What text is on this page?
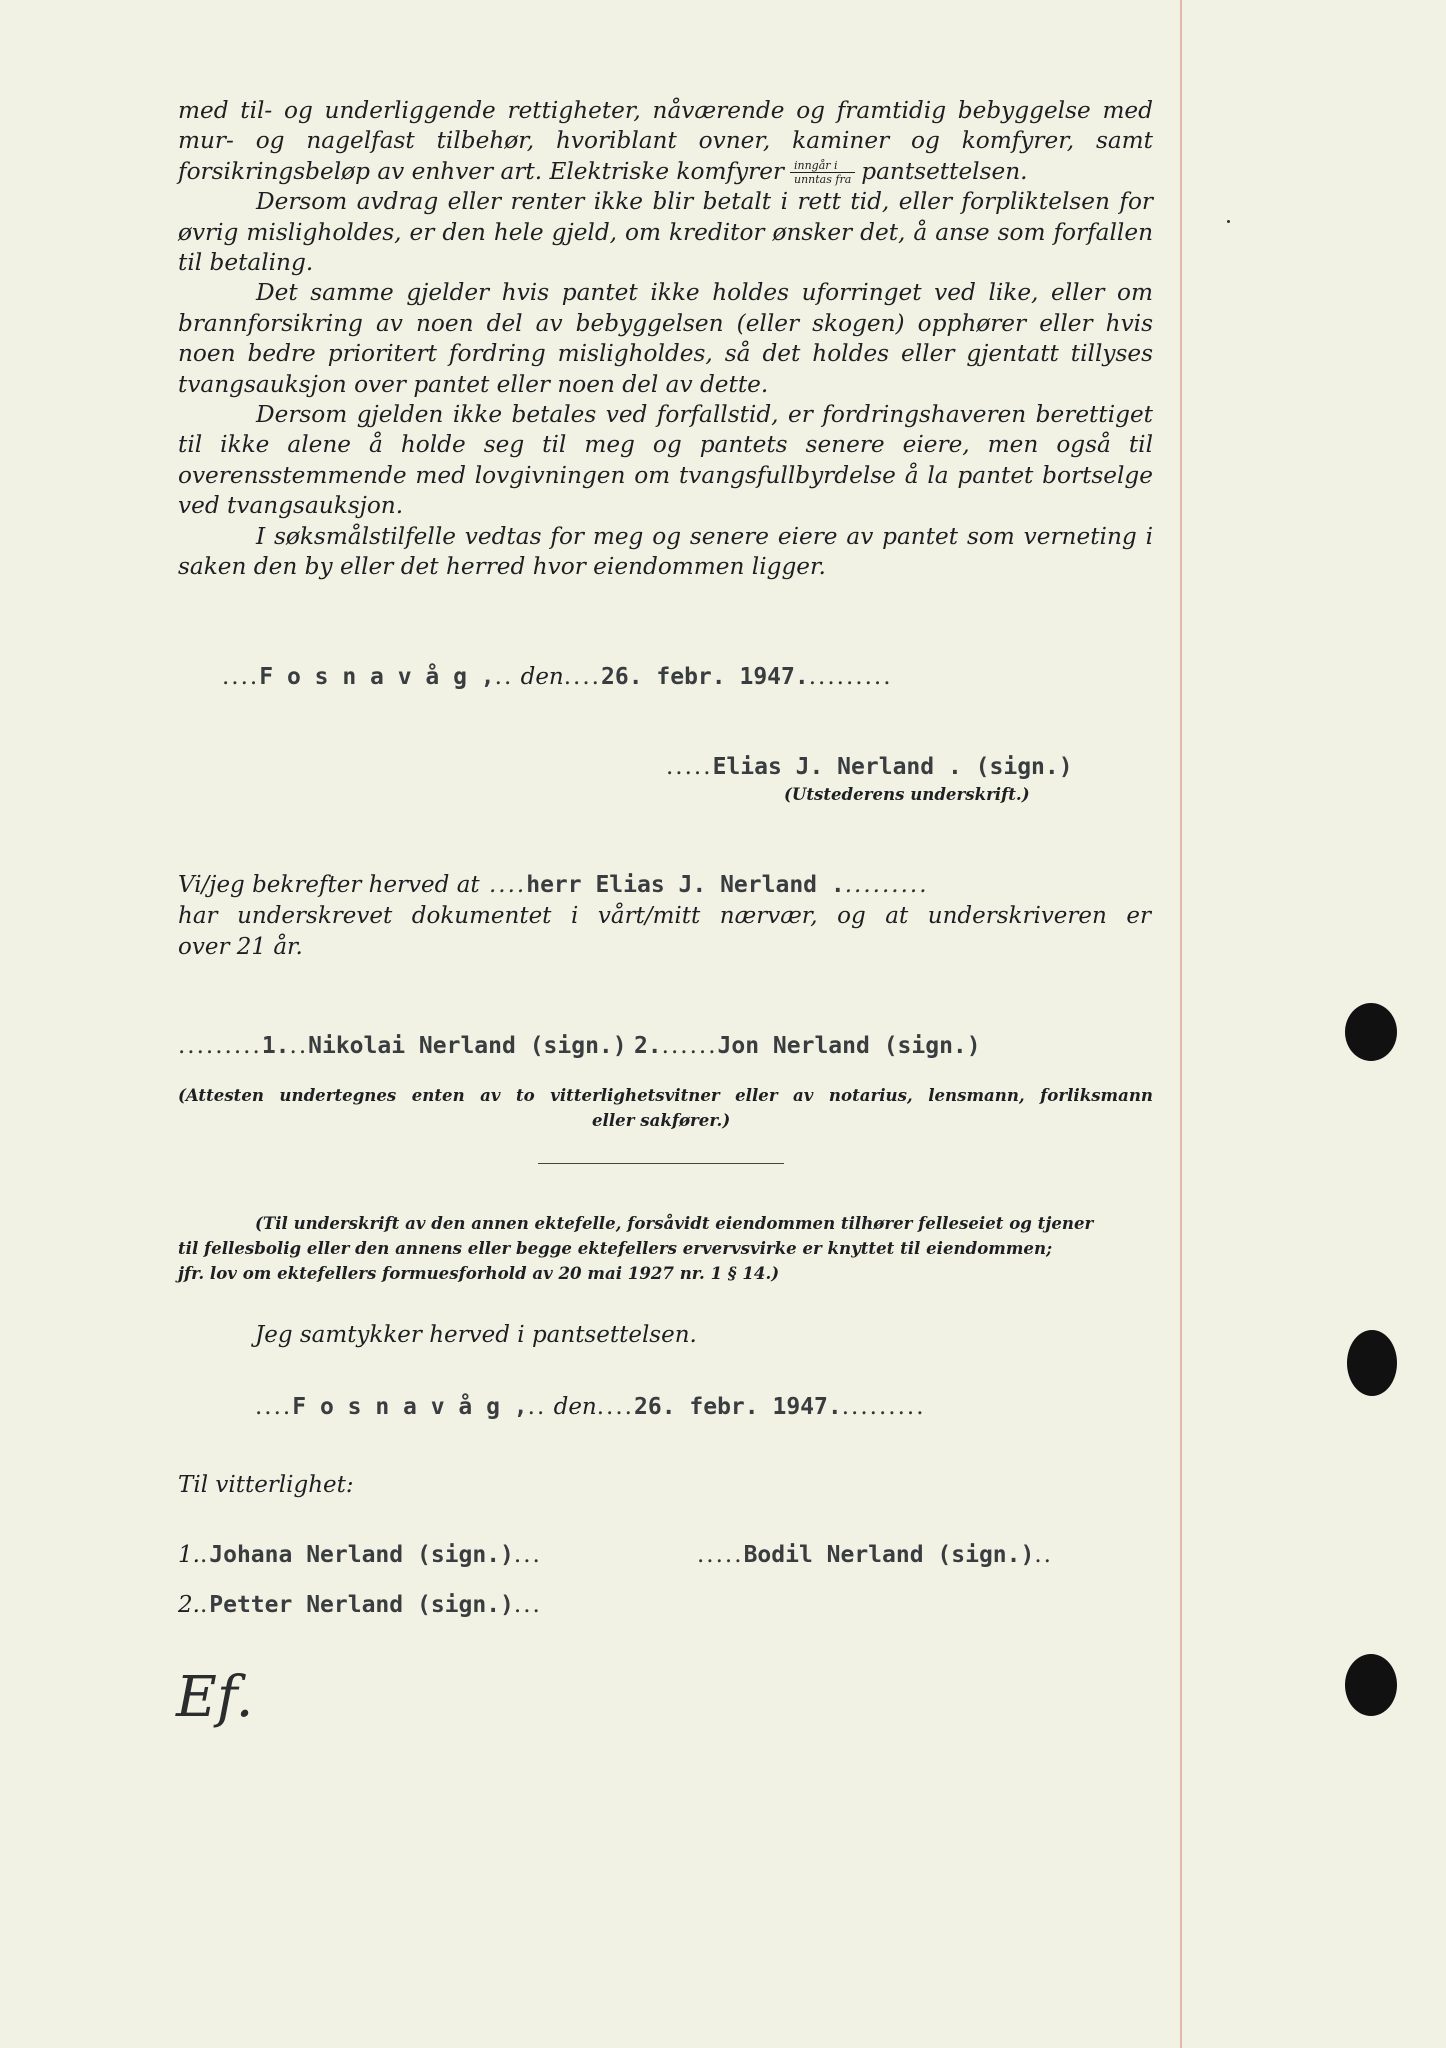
med til- og underliggende rettigheter, nåværende og framtidig bebyggelse med mur- og nagelfast tilbehør, hvoriblant ovner, kaminer og komfyrer, samt forsikringsbeløp av enhver art. Elektriske komfyrer $\frac{\text{inngår i}}{\text{unntas fra}}$ pantsettelsen.

Dersom avdrag eller renter ikke blir betalt i rett tid, eller forpliktelsen for øvrig misligholdes, er den hele gjeld, om kreditor ønsker det, å anse som forfallen til betaling.

Det samme gjelder hvis pantet ikke holdes uforringet ved like, eller om brannforsikring av noen del av bebyggelsen (eller skogen) opphører eller hvis noen bedre prioritert fordring misligholdes, så det holdes eller gjentatt tillyses tvangsauksjon over pantet eller noen del av dette.

Dersom gjelden ikke betales ved forfallstid, er fordringshaveren berettiget til ikke alene å holde seg til meg og pantets senere eiere, men også til overensstemmende med lovgivningen om tvangsfullbyrdelse å la pantet bortselge ved tvangsauksjon.

I søksmålstilfelle vedtas for meg og senere eiere av pantet som verneting i saken den by eller det herred hvor eiendommen ligger.

....F o s n a v å g ,.. den....26. febr. 1947..........
.....Elias J. Nerland . (sign.)
(Utstederens underskrift.)
Vi/jeg bekrefter herved at ....herr Elias J. Nerland ..........
har underskrevet dokumentet i vårt/mitt nærvær, og at underskriveren er
over 21 år.
.........1...Nikolai Nerland (sign.) 2.......Jon Nerland (sign.)
(Attesten undertegnes enten av to vitterlighetsvitner eller av notarius, lensmann, forliksmann
eller sakfører.)
(Til underskrift av den annen ektefelle, forsåvidt eiendommen tilhører felleseiet og tjener
til fellesbolig eller den annens eller begge ektefellers ervervsvirke er knyttet til eiendommen;
jfr. lov om ektefellers formuesforhold av 20 mai 1927 nr. 1 § 14.)
Jeg samtykker herved i pantsettelsen.
....F o s n a v å g ,.. den....26. febr. 1947..........
Til vitterlighet:
1..Johana Nerland (sign.)...	.....Bodil Nerland (sign.)..
2..Petter Nerland (sign.)...
Ef.
